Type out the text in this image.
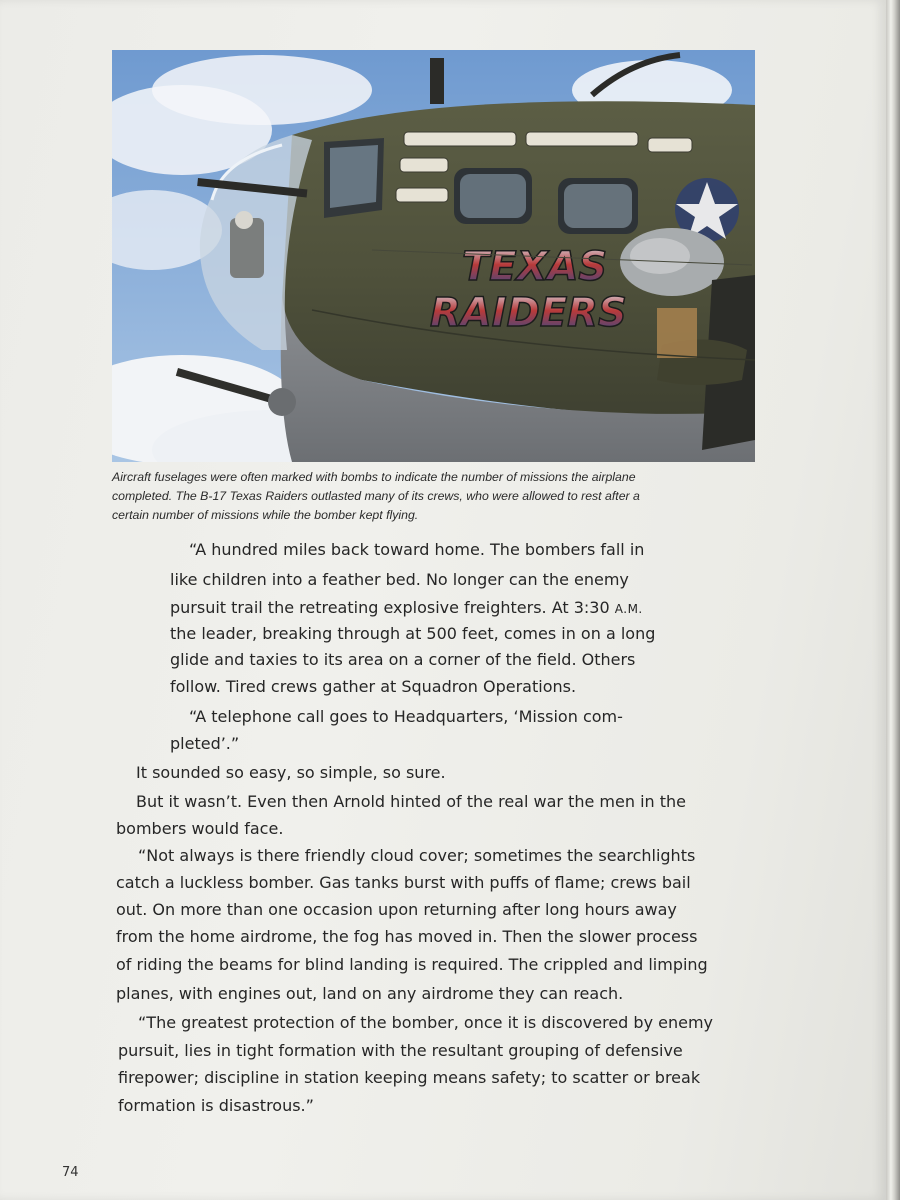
TEXAS
RAIDERS
Aircraft fuselages were often marked with bombs to indicate the number of missions the airplane
completed. The B-17 Texas Raiders outlasted many of its crews, who were allowed to rest after a
certain number of missions while the bomber kept flying.
“A hundred miles back toward home. The bombers fall in
like children into a feather bed. No longer can the enemy
pursuit trail the retreating explosive freighters. At 3:30 A.M.
the leader, breaking through at 500 feet, comes in on a long
glide and taxies to its area on a corner of the field. Others
follow. Tired crews gather at Squadron Operations.
“A telephone call goes to Headquarters, ‘Mission com-
pleted’.”
It sounded so easy, so simple, so sure.
But it wasn’t. Even then Arnold hinted of the real war the men in the
bombers would face.
“Not always is there friendly cloud cover; sometimes the searchlights
catch a luckless bomber. Gas tanks burst with puffs of flame; crews bail
out. On more than one occasion upon returning after long hours away
from the home airdrome, the fog has moved in. Then the slower process
of riding the beams for blind landing is required. The crippled and limping
planes, with engines out, land on any airdrome they can reach.
“The greatest protection of the bomber, once it is discovered by enemy
pursuit, lies in tight formation with the resultant grouping of defensive
firepower; discipline in station keeping means safety; to scatter or break
formation is disastrous.”
74
